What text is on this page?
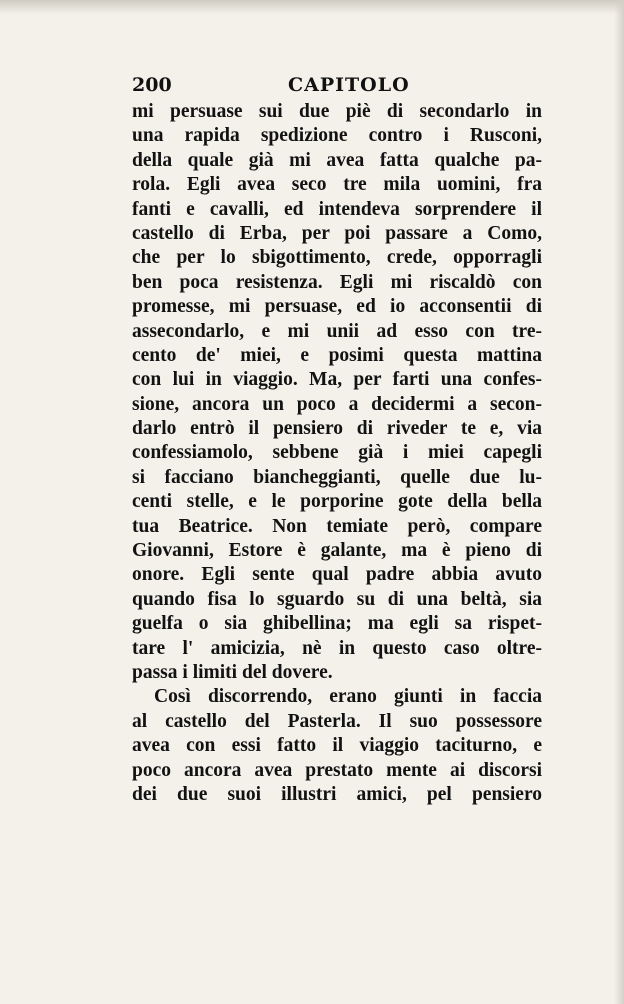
200	CAPITOLO
mi persuase sui due piè di secondarlo in
una rapida spedizione contro i Rusconi,
della quale già mi avea fatta qualche pa-
rola. Egli avea seco tre mila uomini, fra
fanti e cavalli, ed intendeva sorprendere il
castello di Erba, per poi passare a Como,
che per lo sbigottimento, crede, opporragli
ben poca resistenza. Egli mi riscaldò con
promesse, mi persuase, ed io acconsentii di
assecondarlo, e mi unii ad esso con tre-
cento de' miei, e posimi questa mattina
con lui in viaggio. Ma, per farti una confes-
sione, ancora un poco a decidermi a secon-
darlo entrò il pensiero di riveder te e, via
confessiamolo, sebbene già i miei capegli
si facciano biancheggianti, quelle due lu-
centi stelle, e le porporine gote della bella
tua Beatrice. Non temiate però, compare
Giovanni, Estore è galante, ma è pieno di
onore. Egli sente qual padre abbia avuto
quando fisa lo sguardo su di una beltà, sia
guelfa o sia ghibellina; ma egli sa rispet-
tare l' amicizia, nè in questo caso oltre-
passa i limiti del dovere.
Così discorrendo, erano giunti in faccia
al castello del Pasterla. Il suo possessore
avea con essi fatto il viaggio taciturno, e
poco ancora avea prestato mente ai discorsi
dei due suoi illustri amici, pel pensiero
